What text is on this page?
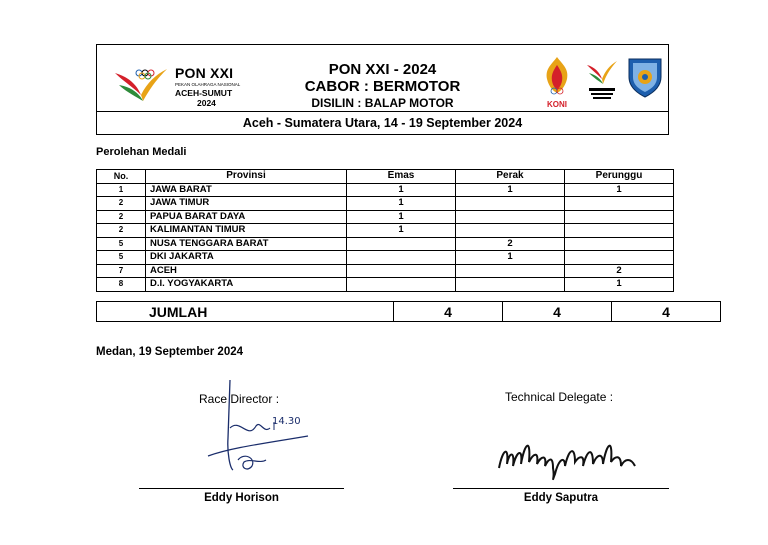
PON XXI
PEKAN OLAHRAGA NASIONAL
ACEH-SUMUT
2024
PON XXI - 2024
CABOR : BERMOTOR
DISILIN : BALAP MOTOR
Aceh - Sumatera Utara, 14 - 19 September 2024
KONI
Perolehan Medali
No.	Provinsi	Emas	Perak	Perunggu
1	JAWA BARAT	1	1	1
2	JAWA TIMUR	1		
2	PAPUA BARAT DAYA	1		
2	KALIMANTAN TIMUR	1		
5	NUSA TENGGARA BARAT		2	
5	DKI JAKARTA		1	
7	ACEH			2
8	D.I. YOGYAKARTA			1
JUMLAH	4	4	4
Medan, 19 September 2024
Race Director :
14.30
Eddy Horison
Technical Delegate :
Eddy Saputra
